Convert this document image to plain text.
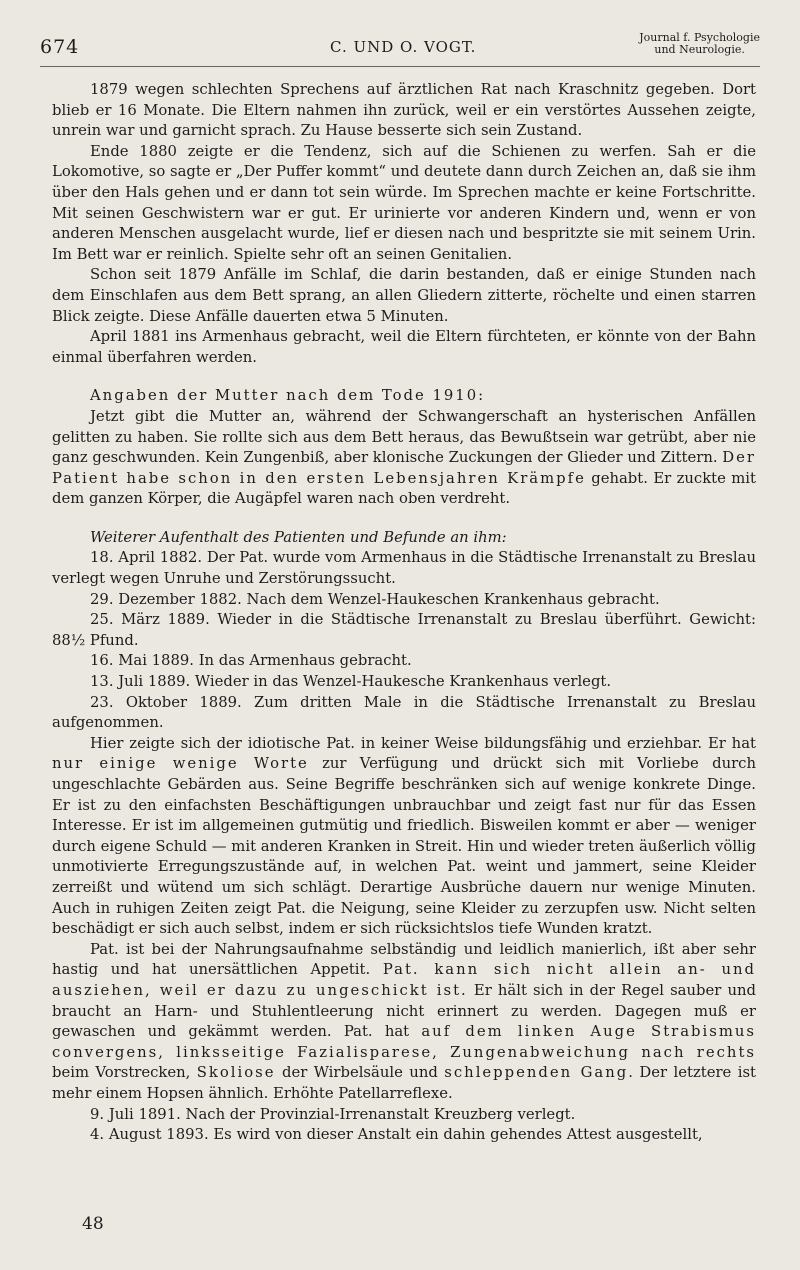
674	C. UND O. VOGT.
Journal f. Psychologie
und Neurologie.

1879 wegen schlechten Sprechens auf ärztlichen Rat nach Kraschnitz gegeben. Dort blieb er 16 Monate. Die Eltern nahmen ihn zurück, weil er ein verstörtes Aussehen zeigte, unrein war und garnicht sprach. Zu Hause besserte sich sein Zustand.

Ende 1880 zeigte er die Tendenz, sich auf die Schienen zu werfen. Sah er die Lokomotive, so sagte er „Der Puffer kommt“ und deutete dann durch Zeichen an, daß sie ihm über den Hals gehen und er dann tot sein würde. Im Sprechen machte er keine Fortschritte. Mit seinen Geschwistern war er gut. Er urinierte vor anderen Kindern und, wenn er von anderen Menschen ausgelacht wurde, lief er diesen nach und bespritzte sie mit seinem Urin. Im Bett war er reinlich. Spielte sehr oft an seinen Genitalien.

Schon seit 1879 Anfälle im Schlaf, die darin bestanden, daß er einige Stunden nach dem Einschlafen aus dem Bett sprang, an allen Gliedern zitterte, röchelte und einen starren Blick zeigte. Diese Anfälle dauerten etwa 5 Minuten.

April 1881 ins Armenhaus gebracht, weil die Eltern fürchteten, er könnte von der Bahn einmal überfahren werden.

Angaben der Mutter nach dem Tode 1910:

Jetzt gibt die Mutter an, während der Schwangerschaft an hysterischen Anfällen gelitten zu haben. Sie rollte sich aus dem Bett heraus, das Bewußtsein war getrübt, aber nie ganz geschwunden. Kein Zungenbiß, aber klonische Zuckungen der Glieder und Zittern. Der Patient habe schon in den ersten Lebensjahren Krämpfe gehabt. Er zuckte mit dem ganzen Körper, die Augäpfel waren nach oben verdreht.

Weiterer Aufenthalt des Patienten und Befunde an ihm:

18. April 1882. Der Pat. wurde vom Armenhaus in die Städtische Irrenanstalt zu Breslau verlegt wegen Unruhe und Zerstörungssucht.

29. Dezember 1882. Nach dem Wenzel-Haukeschen Krankenhaus gebracht.

25. März 1889. Wieder in die Städtische Irrenanstalt zu Breslau überführt. Gewicht: 88½ Pfund.

16. Mai 1889. In das Armenhaus gebracht.

13. Juli 1889. Wieder in das Wenzel-Haukesche Krankenhaus verlegt.

23. Oktober 1889. Zum dritten Male in die Städtische Irrenanstalt zu Breslau aufgenommen.

Hier zeigte sich der idiotische Pat. in keiner Weise bildungsfähig und erziehbar. Er hat nur einige wenige Worte zur Verfügung und drückt sich mit Vorliebe durch ungeschlachte Gebärden aus. Seine Begriffe beschränken sich auf wenige konkrete Dinge. Er ist zu den einfachsten Beschäftigungen unbrauchbar und zeigt fast nur für das Essen Interesse. Er ist im allgemeinen gutmütig und friedlich. Bisweilen kommt er aber — weniger durch eigene Schuld — mit anderen Kranken in Streit. Hin und wieder treten äußerlich völlig unmotivierte Erregungszustände auf, in welchen Pat. weint und jammert, seine Kleider zerreißt und wütend um sich schlägt. Derartige Ausbrüche dauern nur wenige Minuten. Auch in ruhigen Zeiten zeigt Pat. die Neigung, seine Kleider zu zerzupfen usw. Nicht selten beschädigt er sich auch selbst, indem er sich rücksichtslos tiefe Wunden kratzt.

Pat. ist bei der Nahrungsaufnahme selbständig und leidlich manierlich, ißt aber sehr hastig und hat unersättlichen Appetit. Pat. kann sich nicht allein an- und ausziehen, weil er dazu zu ungeschickt ist. Er hält sich in der Regel sauber und braucht an Harn- und Stuhlentleerung nicht erinnert zu werden. Dagegen muß er gewaschen und gekämmt werden. Pat. hat auf dem linken Auge Strabismus convergens, linksseitige Fazialisparese, Zungenabweichung nach rechts beim Vorstrecken, Skoliose der Wirbelsäule und schleppenden Gang. Der letztere ist mehr einem Hopsen ähnlich. Erhöhte Patellarreflexe.

9. Juli 1891. Nach der Provinzial-Irrenanstalt Kreuzberg verlegt.

4. August 1893. Es wird von dieser Anstalt ein dahin gehendes Attest ausgestellt,

48
